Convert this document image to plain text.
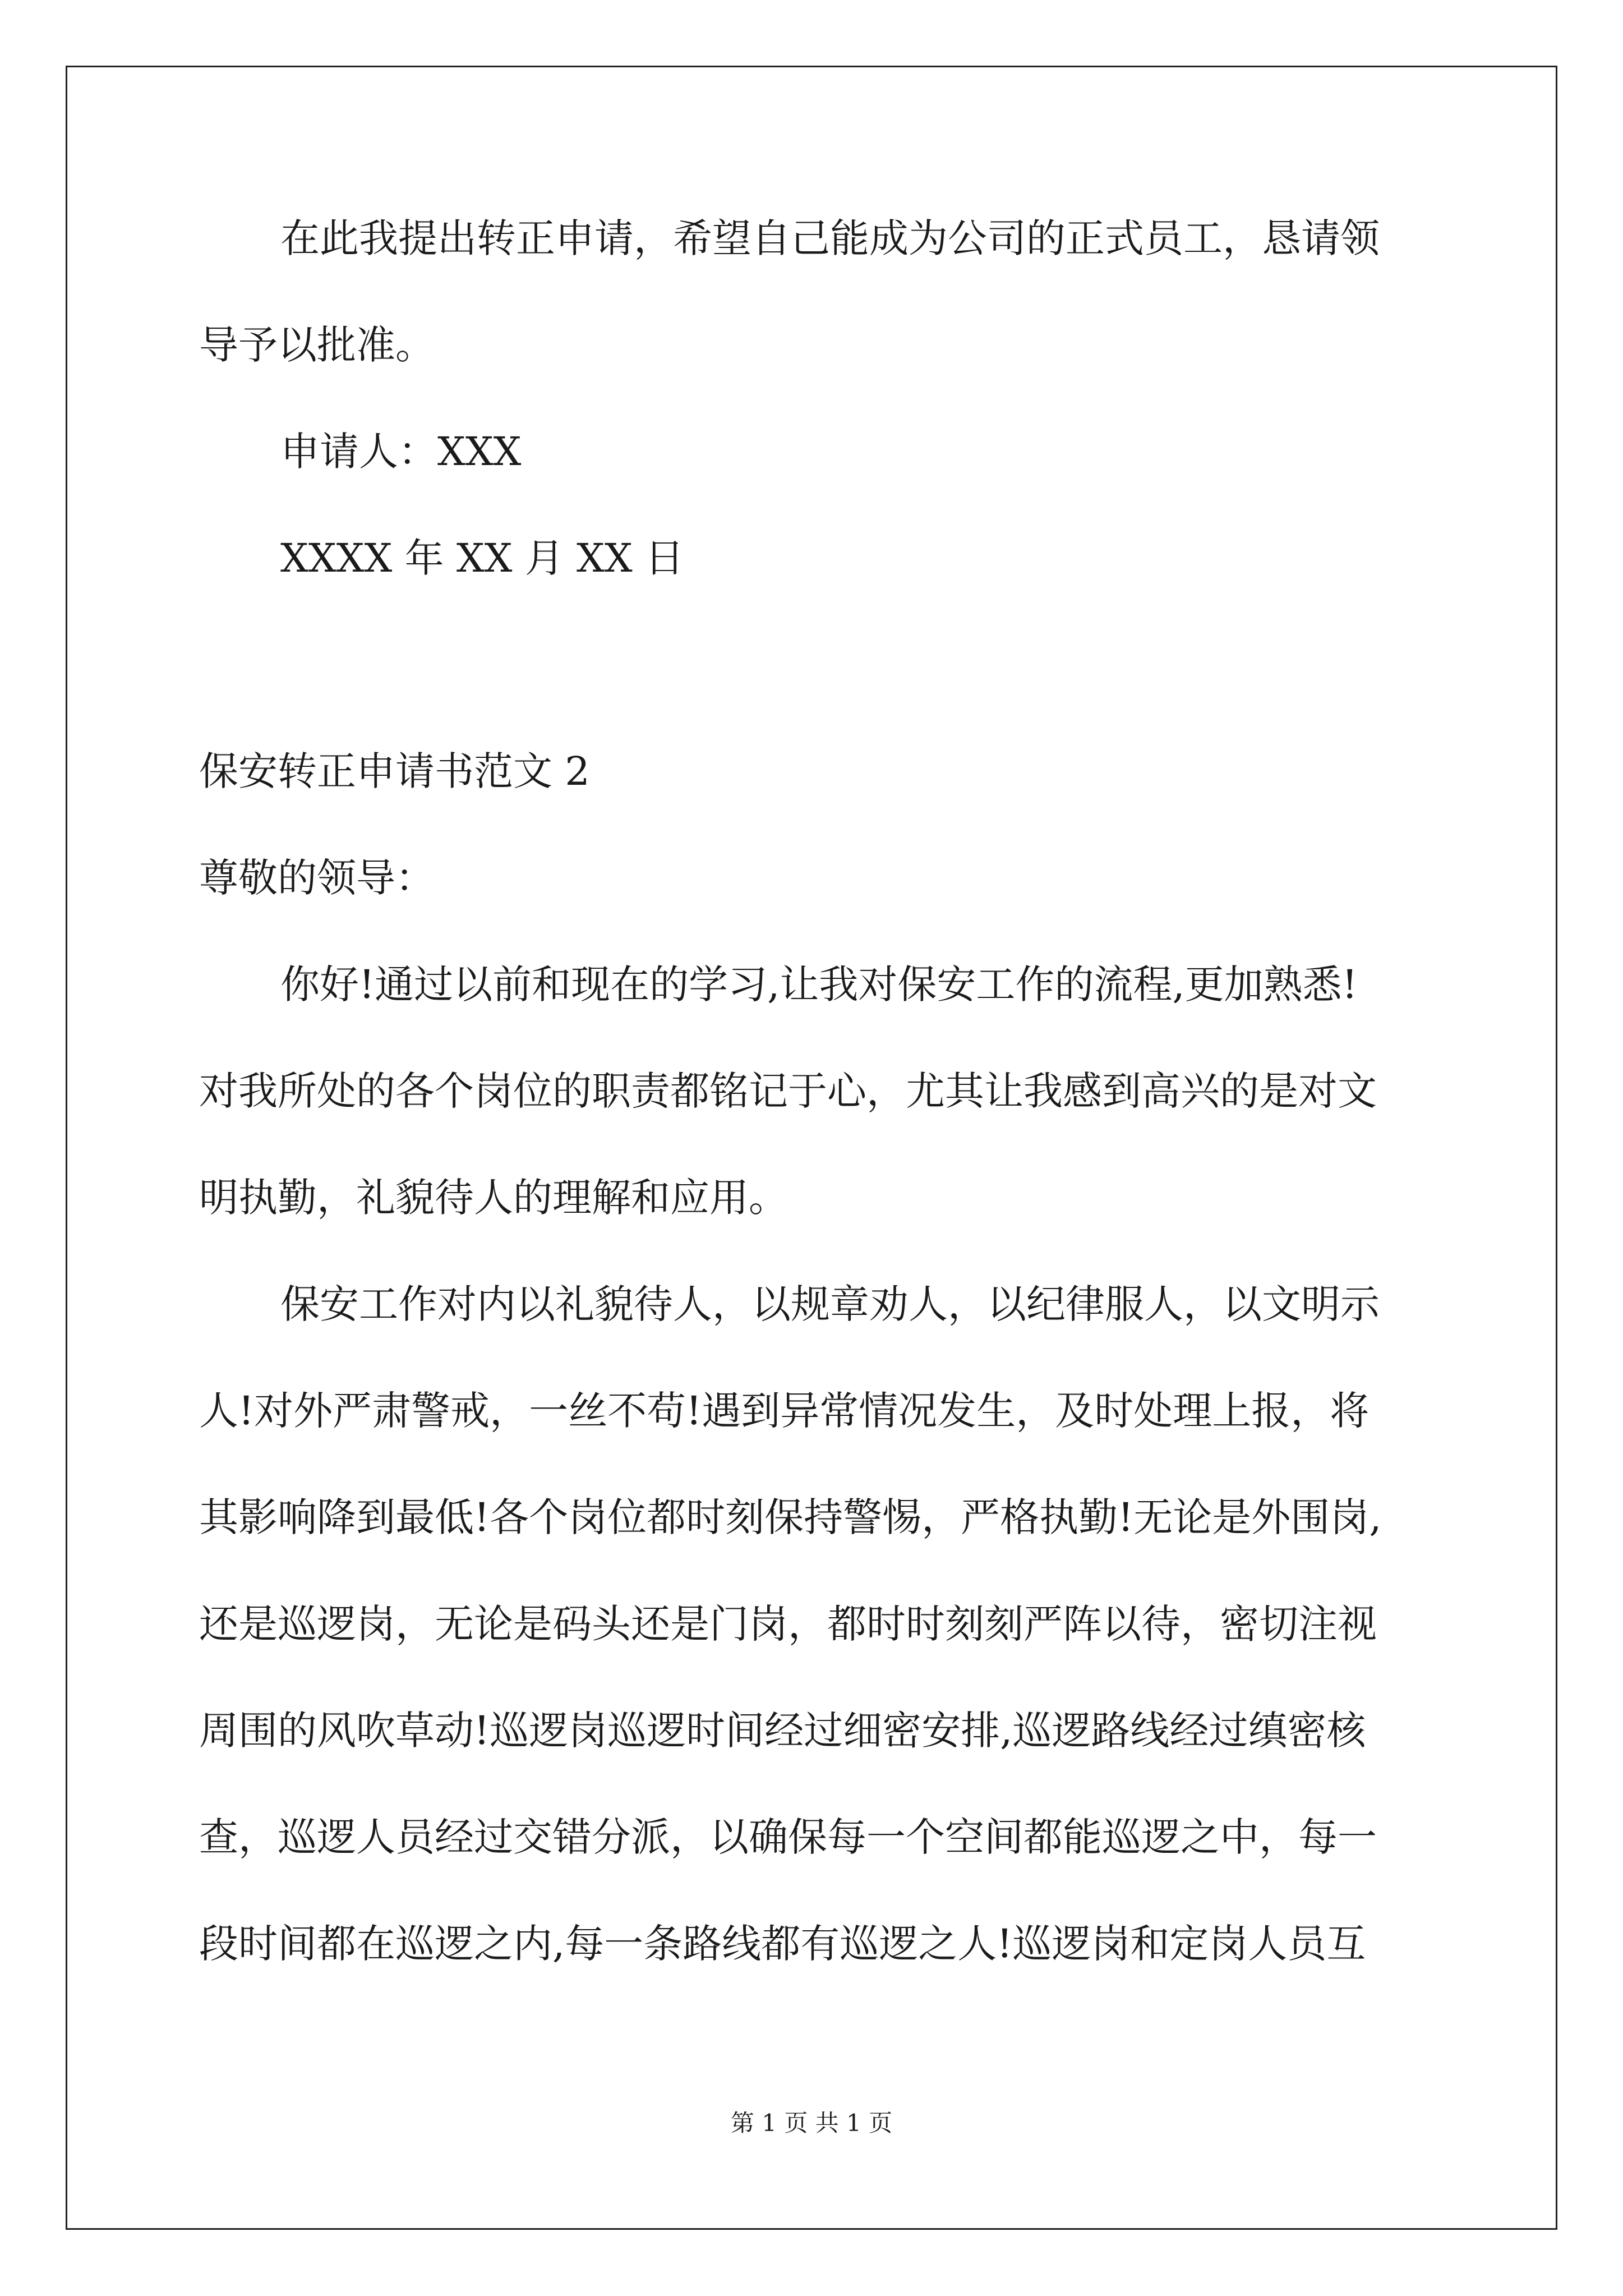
在此我提出转正申请，希望自己能成为公司的正式员工，恳请领
导予以批准。
申请人：XXX
XXXX 年 XX 月 XX 日
保安转正申请书范文 2
尊敬的领导：
你好!通过以前和现在的学习,让我对保安工作的流程,更加熟悉!
对我所处的各个岗位的职责都铭记于心，尤其让我感到高兴的是对文
明执勤，礼貌待人的理解和应用。
保安工作对内以礼貌待人，以规章劝人，以纪律服人，以文明示
人!对外严肃警戒，一丝不苟!遇到异常情况发生，及时处理上报，将
其影响降到最低!各个岗位都时刻保持警惕，严格执勤!无论是外围岗,
还是巡逻岗，无论是码头还是门岗，都时时刻刻严阵以待，密切注视
周围的风吹草动!巡逻岗巡逻时间经过细密安排,巡逻路线经过缜密核
查，巡逻人员经过交错分派，以确保每一个空间都能巡逻之中，每一
段时间都在巡逻之内,每一条路线都有巡逻之人!巡逻岗和定岗人员互
第 1 页 共 1 页
